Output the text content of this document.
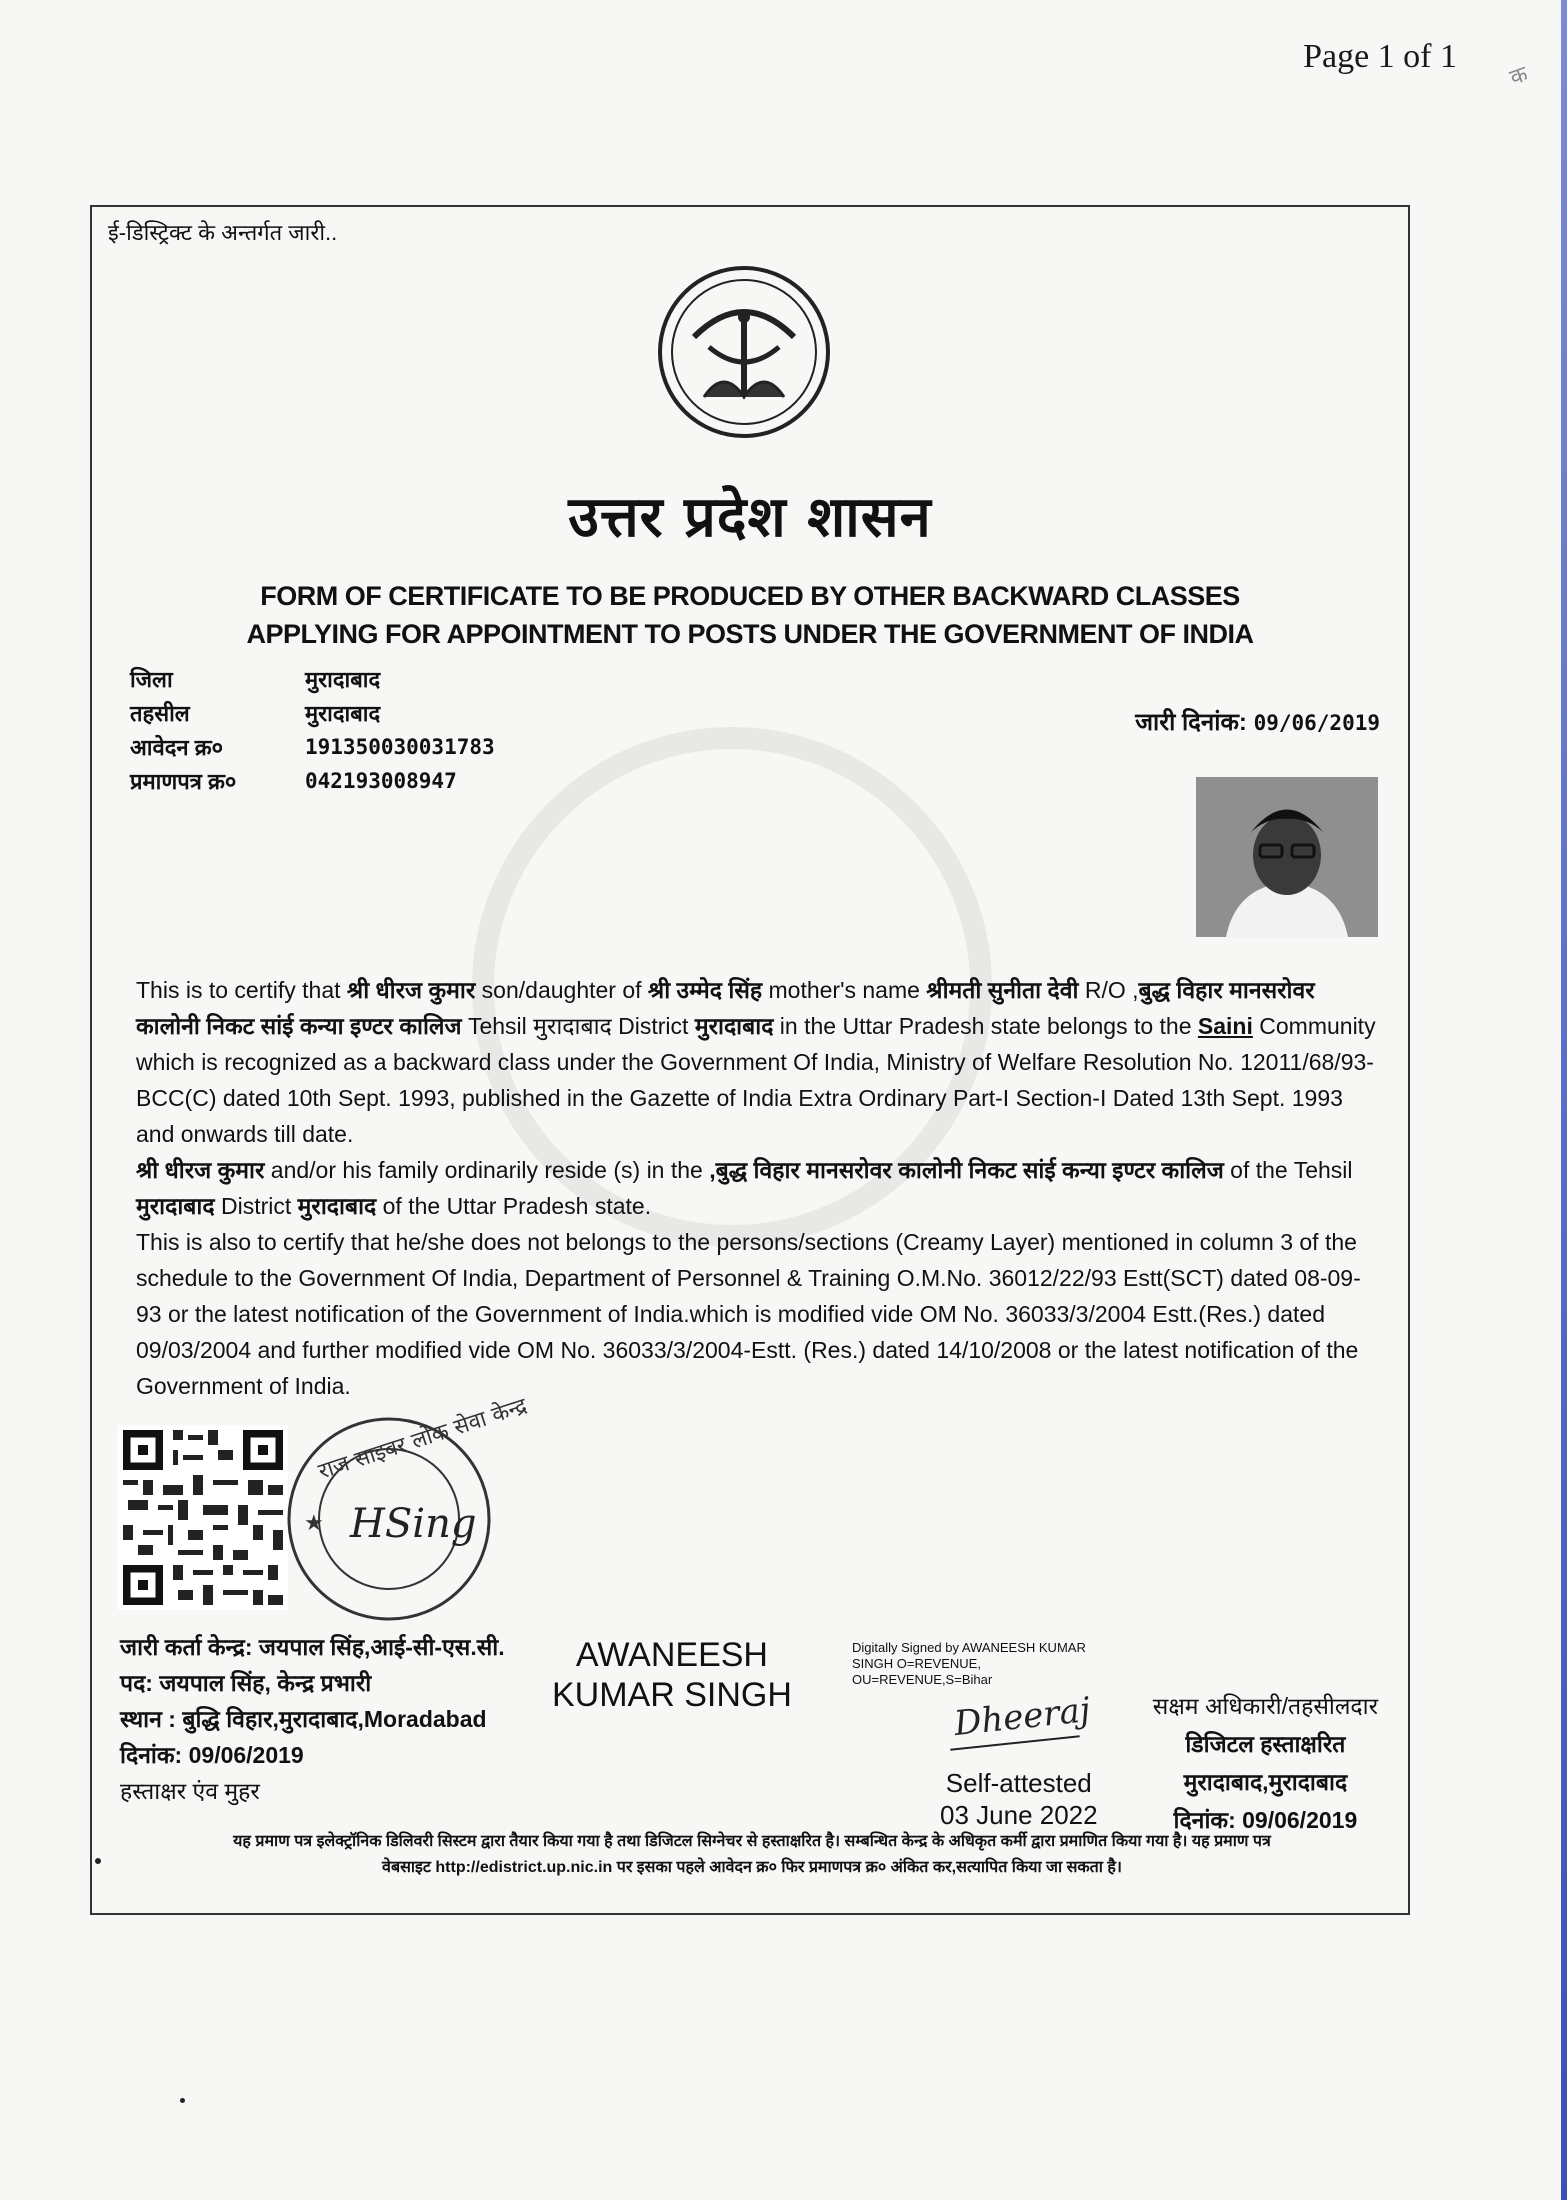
Page 1 of 1
क
ई-डिस्ट्रिक्ट के अन्तर्गत जारी..
उत्तर प्रदेश शासन
FORM OF CERTIFICATE TO BE PRODUCED BY OTHER BACKWARD CLASSES
APPLYING FOR APPOINTMENT TO POSTS UNDER THE GOVERNMENT OF INDIA
जिला	मुरादाबाद
तहसील	मुरादाबाद
आवेदन क्र०	191350030031783
प्रमाणपत्र क्र०	042193008947
जारी दिनांक: 09/06/2019

This is to certify that श्री धीरज कुमार son/daughter of श्री उम्मेद सिंह mother's name श्रीमती सुनीता देवी R/O ,बुद्ध विहार मानसरोवर कालोनी निकट सांई कन्या इण्टर कालिज Tehsil मुरादाबाद District मुरादाबाद in the Uttar Pradesh state belongs to the Saini Community which is recognized as a backward class under the Government Of India, Ministry of Welfare Resolution No. 12011/68/93-BCC(C) dated 10th Sept. 1993, published in the Gazette of India Extra Ordinary Part-I Section-I Dated 13th Sept. 1993 and onwards till date.

श्री धीरज कुमार and/or his family ordinarily reside (s) in the ,बुद्ध विहार मानसरोवर कालोनी निकट सांई कन्या इण्टर कालिज of the Tehsil मुरादाबाद District मुरादाबाद of the Uttar Pradesh state.

This is also to certify that he/she does not belongs to the persons/sections (Creamy Layer) mentioned in column 3 of the schedule to the Government Of India, Department of Personnel & Training O.M.No. 36012/22/93 Estt(SCT) dated 08-09-93 or the latest notification of the Government of India.which is modified vide OM No. 36033/3/2004 Estt.(Res.) dated 09/03/2004 and further modified vide OM No. 36033/3/2004-Estt. (Res.) dated 14/10/2008 or the latest notification of the Government of India.

राज साइबर लोक सेवा केन्द्र
★ HSing
जारी कर्ता केन्द्र: जयपाल सिंह,आई-सी-एस.सी.
पद: जयपाल सिंह, केन्द्र प्रभारी
स्थान : बुद्धि विहार,मुरादाबाद,Moradabad
दिनांक: 09/06/2019
हस्ताक्षर एंव मुहर
AWANEESH
KUMAR SINGH
Digitally Signed by AWANEESH KUMAR
SINGH O=REVENUE,
OU=REVENUE,S=Bihar
Dheeraj
Self-attested
03 June 2022
सक्षम अधिकारी/तहसीलदार
डिजिटल हस्ताक्षरित
मुरादाबाद,मुरादाबाद
दिनांक: 09/06/2019
यह प्रमाण पत्र इलेक्ट्रॉनिक डिलिवरी सिस्टम द्वारा तैयार किया गया है तथा डिजिटल सिग्नेचर से हस्ताक्षरित है। सम्बन्धित केन्द्र के अधिकृत कर्मी द्वारा प्रमाणित किया गया है। यह प्रमाण पत्र
वेबसाइट http://edistrict.up.nic.in पर इसका पहले आवेदन क्र० फिर प्रमाणपत्र क्र० अंकित कर,सत्यापित किया जा सकता है।
